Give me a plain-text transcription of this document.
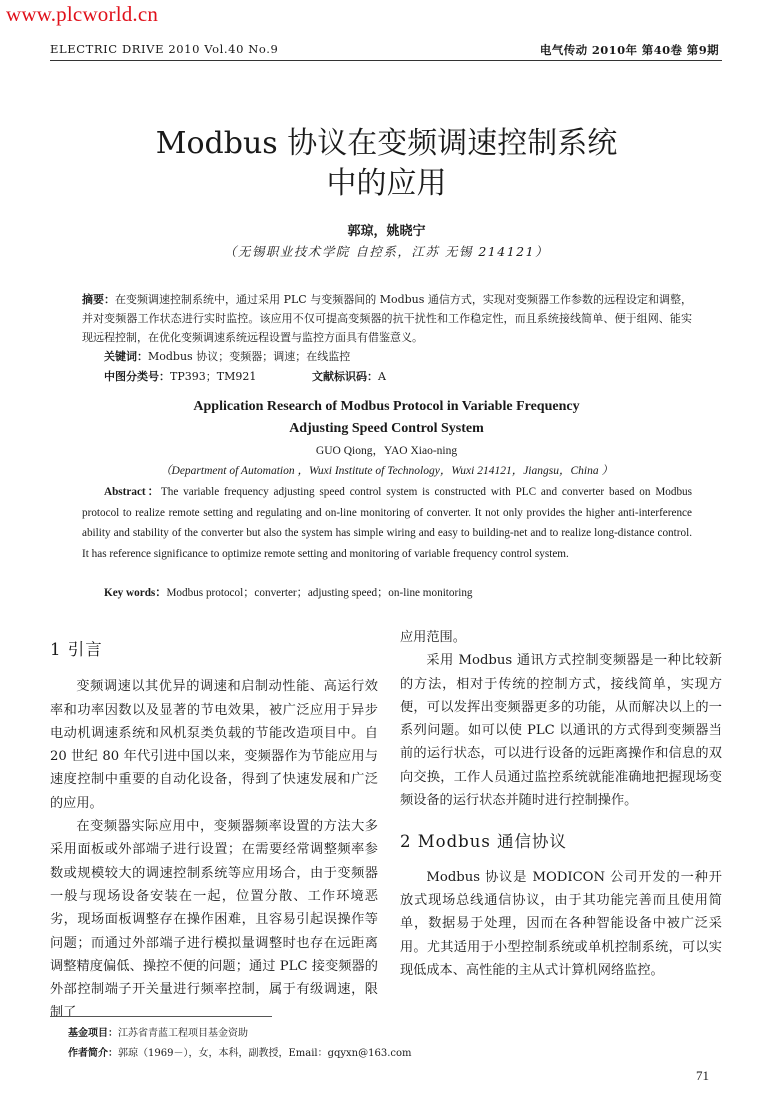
www.plcworld.cn
ELECTRIC DRIVE 2010 Vol.40 No.9	电气传动 2010年 第40卷 第9期
Modbus 协议在变频调速控制系统
中的应用
郭琼，姚晓宁
（无锡职业技术学院 自控系，江苏 无锡 214121）
摘要：在变频调速控制系统中，通过采用 PLC 与变频器间的 Modbus 通信方式，实现对变频器工作参数的远程设定和调整，并对变频器工作状态进行实时监控。该应用不仅可提高变频器的抗干扰性和工作稳定性，而且系统接线简单、便于组网、能实现远程控制，在优化变频调速系统远程设置与监控方面具有借鉴意义。
关键词：Modbus 协议；变频器；调速；在线监控
中图分类号：TP393；TM921	文献标识码：A
Application Research of Modbus Protocol in Variable Frequency
Adjusting Speed Control System
GUO Qiong，YAO Xiao-ning
（Department of Automation ，Wuxi Institute of Technology，Wuxi 214121，Jiangsu，China ）
Abstract：The variable frequency adjusting speed control system is constructed with PLC and converter based on Modbus protocol to realize remote setting and regulating and on-line monitoring of converter. It not only provides the higher anti-interference ability and stability of the converter but also the system has simple wiring and easy to building-net and to realize long-distance control. It has reference significance to optimize remote setting and monitoring of variable frequency control system.
Key words：Modbus protocol；converter；adjusting speed；on-line monitoring
1 引言

变频调速以其优异的调速和启制动性能、高运行效率和功率因数以及显著的节电效果，被广泛应用于异步电动机调速系统和风机泵类负载的节能改造项目中。自 20 世纪 80 年代引进中国以来，变频器作为节能应用与速度控制中重要的自动化设备，得到了快速发展和广泛的应用。

在变频器实际应用中，变频器频率设置的方法大多采用面板或外部端子进行设置；在需要经常调整频率参数或规模较大的调速控制系统等应用场合，由于变频器一般与现场设备安装在一起，位置分散、工作环境恶劣，现场面板调整存在操作困难，且容易引起误操作等问题；而通过外部端子进行模拟量调整时也存在远距离调整精度偏低、操控不便的问题；通过 PLC 接变频器的外部控制端子开关量进行频率控制，属于有级调速，限制了

应用范围。

采用 Modbus 通讯方式控制变频器是一种比较新的方法，相对于传统的控制方式，接线简单，实现方便，可以发挥出变频器更多的功能，从而解决以上的一系列问题。如可以使 PLC 以通讯的方式得到变频器当前的运行状态，可以进行设备的远距离操作和信息的双向交换，工作人员通过监控系统就能准确地把握现场变频设备的运行状态并随时进行控制操作。

2 Modbus 通信协议

Modbus 协议是 MODICON 公司开发的一种开放式现场总线通信协议，由于其功能完善而且使用简单，数据易于处理，因而在各种智能设备中被广泛采用。尤其适用于小型控制系统或单机控制系统，可以实现低成本、高性能的主从式计算机网络监控。

基金项目：江苏省青蓝工程项目基金资助
作者简介：郭琼（1969－），女，本科，副教授，Email：gqyxn@163.com
71
